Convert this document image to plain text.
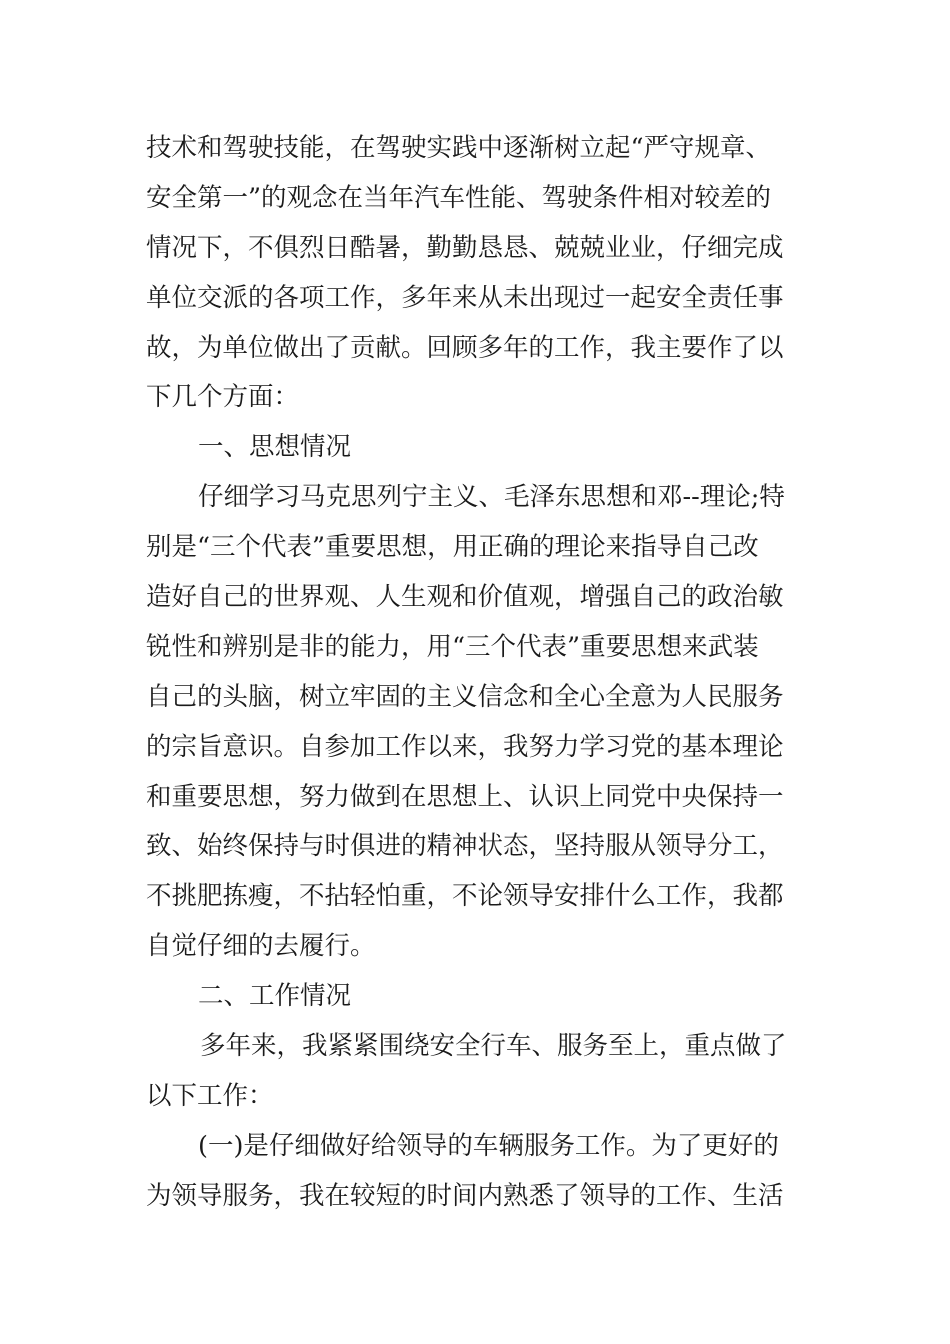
技术和驾驶技能，在驾驶实践中逐渐树立起“严守规章、
安全第一”的观念在当年汽车性能、驾驶条件相对较差的
情况下，不俱烈日酷暑，勤勤恳恳、兢兢业业，仔细完成
单位交派的各项工作，多年来从未出现过一起安全责任事
故，为单位做出了贡献。回顾多年的工作，我主要作了以
下几个方面：
一、思想情况
仔细学习马克思列宁主义、毛泽东思想和邓--理论;特
别是“三个代表”重要思想，用正确的理论来指导自己改
造好自己的世界观、人生观和价值观，增强自己的政治敏
锐性和辨别是非的能力，用“三个代表”重要思想来武装
自己的头脑，树立牢固的主义信念和全心全意为人民服务
的宗旨意识。自参加工作以来，我努力学习党的基本理论
和重要思想，努力做到在思想上、认识上同党中央保持一
致、始终保持与时俱进的精神状态，坚持服从领导分工，
不挑肥拣瘦，不拈轻怕重，不论领导安排什么工作，我都
自觉仔细的去履行。
二、工作情况
多年来，我紧紧围绕安全行车、服务至上，重点做了
以下工作：
(一)是仔细做好给领导的车辆服务工作。为了更好的
为领导服务，我在较短的时间内熟悉了领导的工作、生活
